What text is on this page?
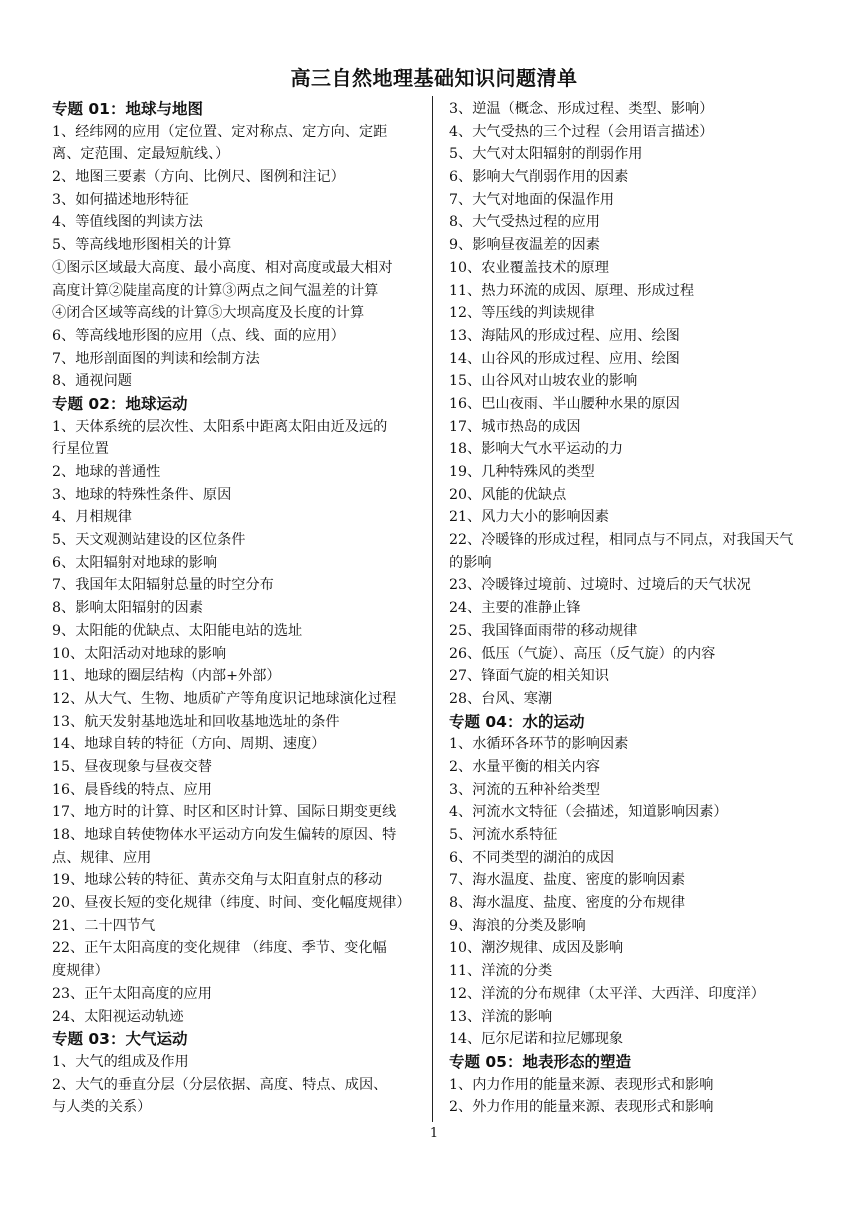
高三自然地理基础知识问题清单
专题 01：地球与地图
1、经纬网的应用（定位置、定对称点、定方向、定距
离、定范围、定最短航线、）
2、地图三要素（方向、比例尺、图例和注记）
3、如何描述地形特征
4、等值线图的判读方法
5、等高线地形图相关的计算
①图示区域最大高度、最小高度、相对高度或最大相对
高度计算②陡崖高度的计算③两点之间气温差的计算
④闭合区域等高线的计算⑤大坝高度及长度的计算
6、等高线地形图的应用（点、线、面的应用）
7、地形剖面图的判读和绘制方法
8、通视问题
专题 02：地球运动
1、天体系统的层次性、太阳系中距离太阳由近及远的
行星位置
2、地球的普通性
3、地球的特殊性条件、原因
4、月相规律
5、天文观测站建设的区位条件
6、太阳辐射对地球的影响
7、我国年太阳辐射总量的时空分布
8、影响太阳辐射的因素
9、太阳能的优缺点、太阳能电站的选址
10、太阳活动对地球的影响
11、地球的圈层结构（内部+外部）
12、从大气、生物、地质矿产等角度识记地球演化过程
13、航天发射基地选址和回收基地选址的条件
14、地球自转的特征（方向、周期、速度）
15、昼夜现象与昼夜交替
16、晨昏线的特点、应用
17、地方时的计算、时区和区时计算、国际日期变更线
18、地球自转使物体水平运动方向发生偏转的原因、特
点、规律、应用
19、地球公转的特征、黄赤交角与太阳直射点的移动
20、昼夜长短的变化规律（纬度、时间、变化幅度规律）
21、二十四节气
22、正午太阳高度的变化规律 （纬度、季节、变化幅
度规律）
23、正午太阳高度的应用
24、太阳视运动轨迹
专题 03：大气运动
1、大气的组成及作用
2、大气的垂直分层（分层依据、高度、特点、成因、
与人类的关系）
3、逆温（概念、形成过程、类型、影响）
4、大气受热的三个过程（会用语言描述）
5、大气对太阳辐射的削弱作用
6、影响大气削弱作用的因素
7、大气对地面的保温作用
8、大气受热过程的应用
9、影响昼夜温差的因素
10、农业覆盖技术的原理
11、热力环流的成因、原理、形成过程
12、等压线的判读规律
13、海陆风的形成过程、应用、绘图
14、山谷风的形成过程、应用、绘图
15、山谷风对山坡农业的影响
16、巴山夜雨、半山腰种水果的原因
17、城市热岛的成因
18、影响大气水平运动的力
19、几种特殊风的类型
20、风能的优缺点
21、风力大小的影响因素
22、冷暖锋的形成过程，相同点与不同点，对我国天气
的影响
23、冷暖锋过境前、过境时、过境后的天气状况
24、主要的准静止锋
25、我国锋面雨带的移动规律
26、低压（气旋）、高压（反气旋）的内容
27、锋面气旋的相关知识
28、台风、寒潮
专题 04：水的运动
1、水循环各环节的影响因素
2、水量平衡的相关内容
3、河流的五种补给类型
4、河流水文特征（会描述，知道影响因素）
5、河流水系特征
6、不同类型的湖泊的成因
7、海水温度、盐度、密度的影响因素
8、海水温度、盐度、密度的分布规律
9、海浪的分类及影响
10、潮汐规律、成因及影响
11、洋流的分类
12、洋流的分布规律（太平洋、大西洋、印度洋）
13、洋流的影响
14、厄尔尼诺和拉尼娜现象
专题 05：地表形态的塑造
1、内力作用的能量来源、表现形式和影响
2、外力作用的能量来源、表现形式和影响
1
